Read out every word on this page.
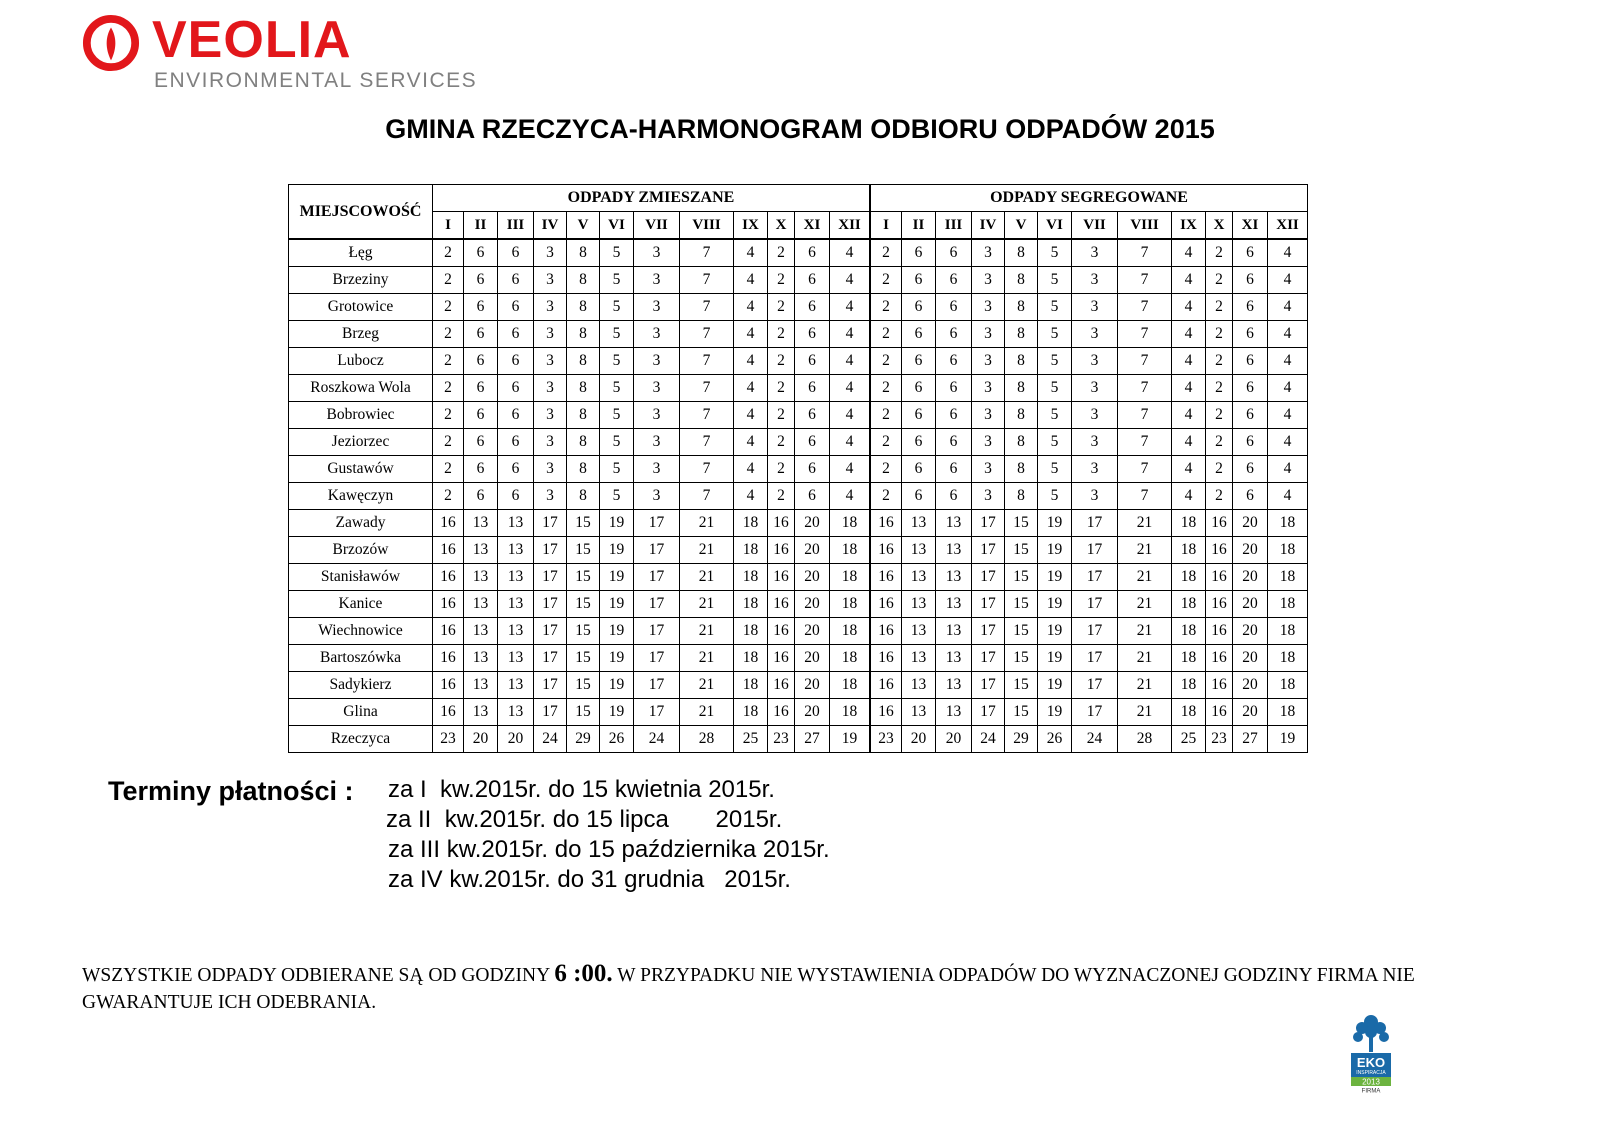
VEOLIA
ENVIRONMENTAL SERVICES
GMINA RZECZYCA-HARMONOGRAM ODBIORU ODPADÓW 2015
MIEJSCOWOŚĆ	ODPADY ZMIESZANE												ODPADY SEGREGOWANE											
	I	II	III	IV	V	VI	VII	VIII	IX	X	XI	XII	I	II	III	IV	V	VI	VII	VIII	IX	X	XI	XII
Łęg	2	6	6	3	8	5	3	7	4	2	6	4	2	6	6	3	8	5	3	7	4	2	6	4
Brzeziny	2	6	6	3	8	5	3	7	4	2	6	4	2	6	6	3	8	5	3	7	4	2	6	4
Grotowice	2	6	6	3	8	5	3	7	4	2	6	4	2	6	6	3	8	5	3	7	4	2	6	4
Brzeg	2	6	6	3	8	5	3	7	4	2	6	4	2	6	6	3	8	5	3	7	4	2	6	4
Lubocz	2	6	6	3	8	5	3	7	4	2	6	4	2	6	6	3	8	5	3	7	4	2	6	4
Roszkowa Wola	2	6	6	3	8	5	3	7	4	2	6	4	2	6	6	3	8	5	3	7	4	2	6	4
Bobrowiec	2	6	6	3	8	5	3	7	4	2	6	4	2	6	6	3	8	5	3	7	4	2	6	4
Jeziorzec	2	6	6	3	8	5	3	7	4	2	6	4	2	6	6	3	8	5	3	7	4	2	6	4
Gustawów	2	6	6	3	8	5	3	7	4	2	6	4	2	6	6	3	8	5	3	7	4	2	6	4
Kawęczyn	2	6	6	3	8	5	3	7	4	2	6	4	2	6	6	3	8	5	3	7	4	2	6	4
Zawady	16	13	13	17	15	19	17	21	18	16	20	18	16	13	13	17	15	19	17	21	18	16	20	18
Brzozów	16	13	13	17	15	19	17	21	18	16	20	18	16	13	13	17	15	19	17	21	18	16	20	18
Stanisławów	16	13	13	17	15	19	17	21	18	16	20	18	16	13	13	17	15	19	17	21	18	16	20	18
Kanice	16	13	13	17	15	19	17	21	18	16	20	18	16	13	13	17	15	19	17	21	18	16	20	18
Wiechnowice	16	13	13	17	15	19	17	21	18	16	20	18	16	13	13	17	15	19	17	21	18	16	20	18
Bartoszówka	16	13	13	17	15	19	17	21	18	16	20	18	16	13	13	17	15	19	17	21	18	16	20	18
Sadykierz	16	13	13	17	15	19	17	21	18	16	20	18	16	13	13	17	15	19	17	21	18	16	20	18
Glina	16	13	13	17	15	19	17	21	18	16	20	18	16	13	13	17	15	19	17	21	18	16	20	18
Rzeczyca	23	20	20	24	29	26	24	28	25	23	27	19	23	20	20	24	29	26	24	28	25	23	27	19
Terminy płatności : za I  kw.2015r. do 15 kwietnia 2015r.
za II  kw.2015r. do 15 lipca       2015r.
za III kw.2015r. do 15 października 2015r.
za IV kw.2015r. do 31 grudnia   2015r.
WSZYSTKIE ODPADY ODBIERANE SĄ OD GODZINY 6 :00. W PRZYPADKU NIE WYSTAWIENIA ODPADÓW DO WYZNACZONEJ GODZINY FIRMA NIE GWARANTUJE ICH ODEBRANIA.
EKO
INSPIRACJA
2013
FIRMA
